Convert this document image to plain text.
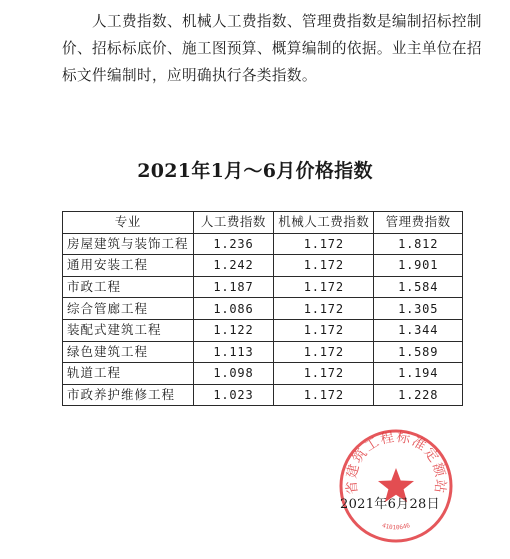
人工费指数、机械人工费指数、管理费指数是编制招标控制
价、招标标底价、施工图预算、概算编制的依据。业主单位在招
标文件编制时，应明确执行各类指数。
2021年1月～6月价格指数
专业	人工费指数	机械人工费指数	管理费指数
房屋建筑与装饰工程	1.236	1.172	1.812
通用安装工程	1.242	1.172	1.901
市政工程	1.187	1.172	1.584
综合管廊工程	1.086	1.172	1.305
装配式建筑工程	1.122	1.172	1.344
绿色建筑工程	1.113	1.172	1.589
轨道工程	1.098	1.172	1.194
市政养护维修工程	1.023	1.172	1.228
省建筑工程标准定额站
41010646
2021年6月28日
